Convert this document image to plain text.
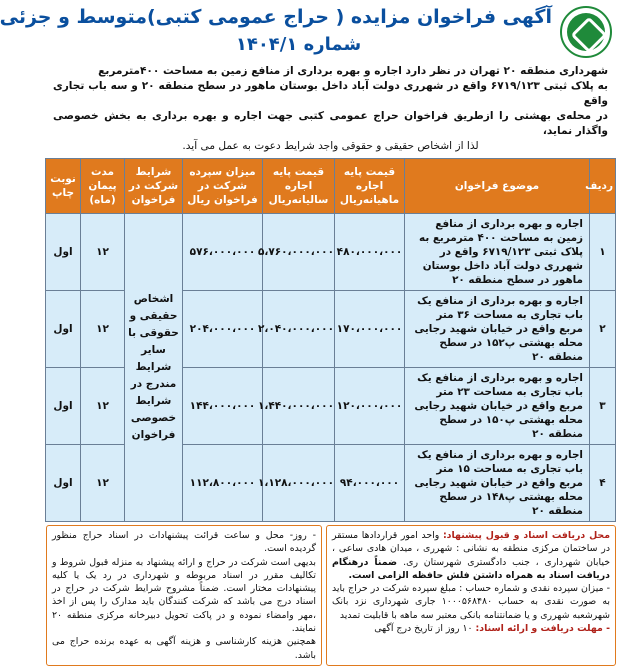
آگهی فراخوان مزایده ( حراج عمومی کتبی)متوسط و جزئی
شماره ۱۴۰۴/۱

شهرداری منطقه ۲۰ تهران در نظر دارد اجاره و بهره برداری از منافع زمین به مساحت ۴۰۰مترمربع

به پلاک ثبتی ۶۷۱۹/۱۲۳ واقع در شهرری دولت آباد داخل بوستان ماهور در سطح منطقه ۲۰ و سه باب تجاری واقع

در محله‌ی بهشتی را ازطریق فراخوان حراج عمومی کتبی جهت اجاره و بهره برداری به بخش خصوصی واگذار نماید،

لذا از اشخاص حقیقی و حقوقی واجد شرایط دعوت به عمل می آید.

ردیف	موضوع فراخوان	قیمت پایه اجاره ماهیانه‌ریال	قیمت پایه اجاره سالیانه‌ریال	میزان سپرده شرکت در فراخوان ریال	شرایط شرکت در فراخوان	مدت پیمان (ماه)	نوبت چاپ
۱	اجاره و بهره برداری از منافع زمین به مساحت ۴۰۰ مترمربع به پلاک ثبتی ۶۷۱۹/۱۲۳ واقع در شهرری دولت آباد داخل بوستان ماهور در سطح منطقه ۲۰	۴۸۰،۰۰۰،۰۰۰	۵،۷۶۰،۰۰۰،۰۰۰	۵۷۶،۰۰۰،۰۰۰	اشخاص حقیقی و حقوقی با سایر شرایط مندرج در شرایط خصوصی فراخوان	۱۲	اول
۲	اجاره و بهره برداری از منافع یک باب تجاری به مساحت ۳۶ متر مربع واقع در خیابان شهید رجایی محله بهشتی پ۱۵۲ در سطح منطقه ۲۰	۱۷۰،۰۰۰،۰۰۰	۲،۰۴۰،۰۰۰،۰۰۰	۲۰۴،۰۰۰،۰۰۰		۱۲	اول
۳	اجاره و بهره برداری از منافع یک باب تجاری به مساحت ۲۳ متر مربع واقع در خیابان شهید رجایی محله بهشتی پ۱۵۰ در سطح منطقه ۲۰	۱۲۰،۰۰۰،۰۰۰	۱،۴۴۰،۰۰۰،۰۰۰	۱۴۴،۰۰۰،۰۰۰		۱۲	اول
۴	اجاره و بهره برداری از منافع یک باب تجاری به مساحت ۱۵ متر مربع واقع در خیابان شهید رجایی محله بهشتی پ۱۴۸ در سطح منطقه ۲۰	۹۴،۰۰۰،۰۰۰	۱،۱۲۸،۰۰۰،۰۰۰	۱۱۲،۸۰۰،۰۰۰		۱۲	اول

محل دریافت اسناد و قبول پیشنهاد: واحد امور قراردادها مستقر در ساختمان مرکزی منطقه به نشانی : شهرری ، میدان هادی ساعی ، خیابان شهرداری ، جنب دادگستری شهرستان ری. ضمناً درهنگام دریافت اسناد به همراه داشتن فلش حافظه الزامی است.

- میزان سپرده نقدی و شماره حساب : مبلغ سپرده شرکت در حراج باید به صورت نقدی به حساب ۱۰۰۰۵۶۸۴۸۰ جاری شهرداری نزد بانک شهرشعبه شهرری و یا ضمانتنامه بانکی معتبر سه ماهه با قابلیت تمدید

- مهلت دریافت و ارائه اسناد: ۱۰ روز از تاریخ درج آگهی

- روز- محل و ساعت قرائت پیشنهادات در اسناد حراج منظور گردیده است.

بدیهی است شرکت در حراج و ارائه پیشنهاد به منزله قبول شروط و تکالیف مقرر در اسناد مربوطه و شهرداری در رد یک یا کلیه پیشنهادات مختار است. ضمناً مشروح شرایط شرکت در حراج در اسناد درج می باشد که شرکت کنندگان باید مدارک را پس از اخذ ،مهر وامضاء نموده و در پاکت تحویل دبیرخانه مرکزی منطقه ۲۰ نمایند.

همچنین هزینه کارشناسی و هزینه آگهی به عهده برنده حراج می باشد.
